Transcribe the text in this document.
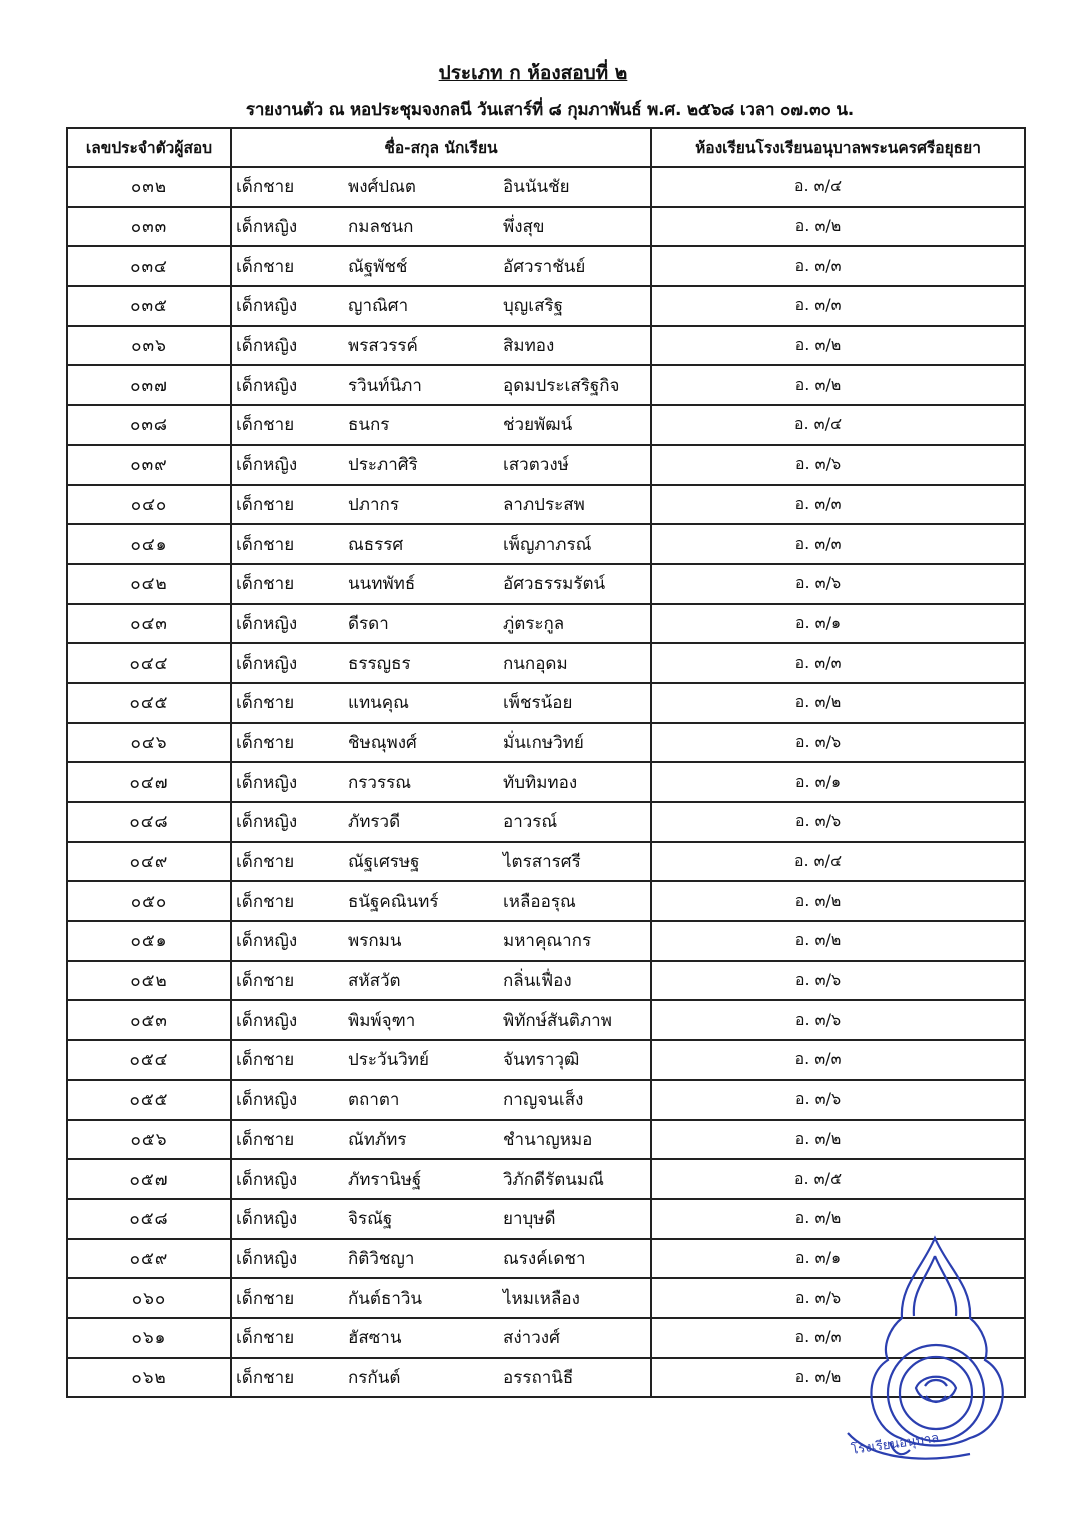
ประเภท ก ห้องสอบที่ ๒
รายงานตัว ณ หอประชุมจงกลนี วันเสาร์ที่ ๘ กุมภาพันธ์ พ.ศ. ๒๕๖๘ เวลา ๐๗.๓๐ น.
เลขประจำตัวผู้สอบ	ชื่อ-สกุล นักเรียน	ห้องเรียนโรงเรียนอนุบาลพระนครศรีอยุธยา
๐๓๒	เด็กชาย พงศ์ปณต อินนันชัย	อ. ๓/๔
๐๓๓	เด็กหญิง กมลชนก พึ่งสุข	อ. ๓/๒
๐๓๔	เด็กชาย ณัฐพัชช์ อัศวราชันย์	อ. ๓/๓
๐๓๕	เด็กหญิง ญาณิศา บุญเสริฐ	อ. ๓/๓
๐๓๖	เด็กหญิง พรสวรรค์ สิมทอง	อ. ๓/๒
๐๓๗	เด็กหญิง รวินท์นิภา อุดมประเสริฐกิจ	อ. ๓/๒
๐๓๘	เด็กชาย ธนกร ช่วยพัฒน์	อ. ๓/๔
๐๓๙	เด็กหญิง ประภาศิริ เสวตวงษ์	อ. ๓/๖
๐๔๐	เด็กชาย ปภากร ลาภประสพ	อ. ๓/๓
๐๔๑	เด็กชาย ณธรรศ เพ็ญภาภรณ์	อ. ๓/๓
๐๔๒	เด็กชาย นนทพัทธ์ อัศวธรรมรัตน์	อ. ๓/๖
๐๔๓	เด็กหญิง ดีรดา ภู่ตระกูล	อ. ๓/๑
๐๔๔	เด็กหญิง ธรรญธร กนกอุดม	อ. ๓/๓
๐๔๕	เด็กชาย แทนคุณ เพ็ชรน้อย	อ. ๓/๒
๐๔๖	เด็กชาย ชิษณุพงศ์ มั่นเกษวิทย์	อ. ๓/๖
๐๔๗	เด็กหญิง กรวรรณ ทับทิมทอง	อ. ๓/๑
๐๔๘	เด็กหญิง ภัทรวดี อาวรณ์	อ. ๓/๖
๐๔๙	เด็กชาย ณัฐเศรษฐ ไตรสารศรี	อ. ๓/๔
๐๕๐	เด็กชาย ธนัฐคณินทร์ เหลืออรุณ	อ. ๓/๒
๐๕๑	เด็กหญิง พรกมน มหาคุณากร	อ. ๓/๒
๐๕๒	เด็กชาย สหัสวัต กลิ่นเฟื่อง	อ. ๓/๖
๐๕๓	เด็กหญิง พิมพ์จุฑา พิทักษ์สันติภาพ	อ. ๓/๖
๐๕๔	เด็กชาย ประวันวิทย์ จันทราวุฒิ	อ. ๓/๓
๐๕๕	เด็กหญิง ตถาตา กาญจนเส็ง	อ. ๓/๖
๐๕๖	เด็กชาย ณัทภัทร ชำนาญหมอ	อ. ๓/๒
๐๕๗	เด็กหญิง ภัทรานิษฐ์ วิภักดีรัตนมณี	อ. ๓/๕
๐๕๘	เด็กหญิง จิรณัฐ ยาบุษดี	อ. ๓/๒
๐๕๙	เด็กหญิง กิติวิชญา ณรงค์เดชา	อ. ๓/๑
๐๖๐	เด็กชาย กันต์ธาวิน ไหมเหลือง	อ. ๓/๖
๐๖๑	เด็กชาย ฮัสซาน สง่าวงศ์	อ. ๓/๓
๐๖๒	เด็กชาย กรกันต์ อรรถานิธี	อ. ๓/๒
โรงเรียนอนุบาล
